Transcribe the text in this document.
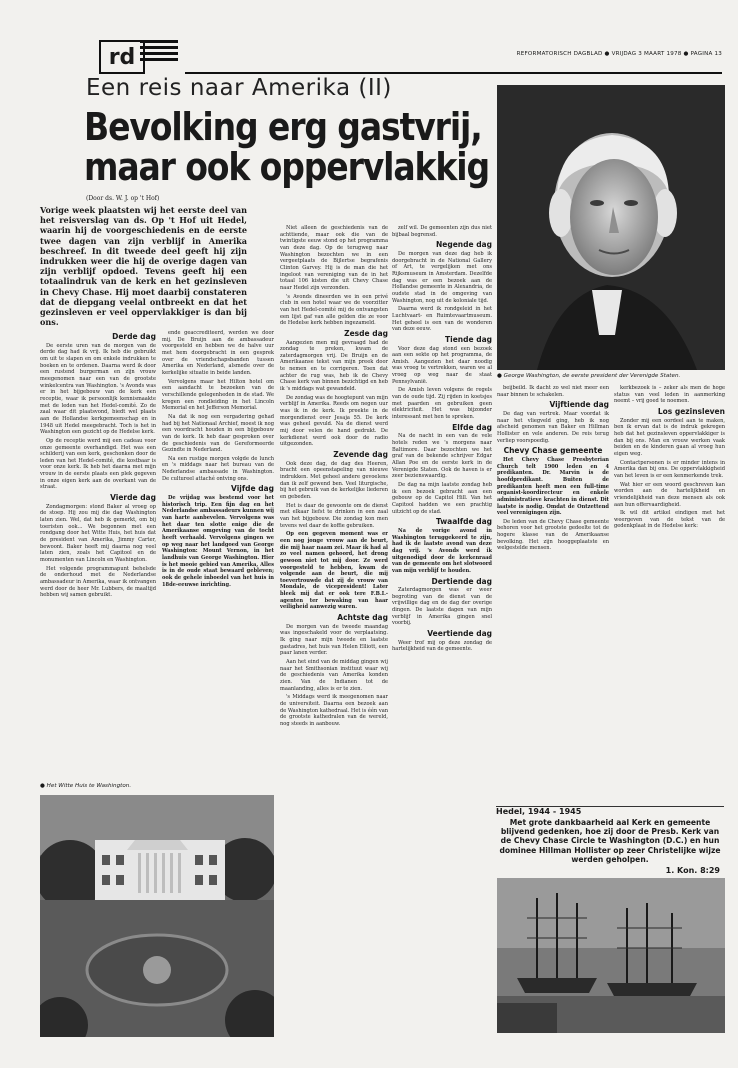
rd	REFORMATORISCH DAGBLAD ● VRIJDAG 3 MAART 1978 ● PAGINA 13
Een reis naar Amerika (II)
Bevolking erg gastvrij,
maar ook oppervlakkig
(Door ds. W. J. op 't Hof)
Vorige week plaatsten wij het eerste deel van het reisverslag van ds. Op 't Hof uit Hedel, waarin hij de voorgeschiedenis en de eerste twee dagen van zijn verblijf in Amerika beschreef. In dit tweede deel geeft hij zijn indrukken weer die hij de overige dagen van zijn verblijf opdoed. Tevens geeft hij een totaalindruk van de kerk en het gezinsleven in Chevy Chase. Hij moet daarbij constateren dat de diepgang veelal ontbreekt en dat het gezinsleven er veel oppervlakkiger is dan bij ons.
● George Washington, de eerste president der Verenigde Staten.
Derde dag

De eerste uren van de morgen van de derde dag had ik vrij. Ik heb die gebruikt om uit te slapen en om enkele indrukken te boeken en te ordenen. Daarna werd ik door een rustend burgerman en zijn vrouw meegenomen naar een van de grootste winkelcentra van Washington. 's Avonds was er in het bijgebouw van de kerk een receptie, waar ik persoonlijk kennismaakte met de leden van het Hedel-comité. Zo de zaal waar dit plaatsvond, biedt wel plaats aan de Hollandse kerkgemeenschap en in 1948 uit Hedel meegebracht. Toch is het in Washington een gezicht op de Hedelse kerk.

Op de receptie werd mij een cadeau voor onze gemeente overhandigd. Het was een schilderij van een kerk, geschonken door de leden van het Hedel-comité, die kostbaar is voor onze kerk. Ik heb het daarna met mijn vrouw in de eerste plaats een plek gegeven in onze eigen kerk aan de overkant van de straat.

Vierde dag

Zondagmorgen: stond Baker al vroeg op de stoep. Hij zou mij die dag Washington laten zien. Wel, dat heb ik gemerkt, om bij toeristen ook... We begonnen met een rondgang door het Witte Huis, het huis dat de president van Amerika, Jimmy Carter, bewoont. Baker heeft mij daarna nog veel laten zien, zoals het Capitool en de monumenten van Lincoln en Washington.

Het volgende programmapunt behelsde de onderhoud met de Nederlandse ambassadeur in Amerika, waar ik ontvangen werd door de heer Mr. Lubbers, de maaltijd hebben wij samen gebruikt.

● Het Witte Huis te Washington.

ende geaccrediteerd, werden we door mij. De Bruijn aan de ambassadeur voorgesteld en hebben we de halve uur met hem doorgebracht in een gesprek over de vriendschapsbanden tussen Amerika en Nederland, alsmede over de kerkelijke situatie in beide landen.

Vervolgens maar het Hilton hotel om een aandacht te bezoeken van de verschillende gelegenheden in de stad. We kregen een rondleiding in het Lincoln Memorial en het Jefferson Memorial.

Na dat ik nog een vergadering gehad had bij het Nationaal Archief, moest ik nog een voordracht houden in een bijgebouw van de kerk. Ik heb daar gesproken over de geschiedenis van de Gereformeerde Gezindte in Nederland.

Na een rustige morgen volgde de lunch en 's middags naar het bureau van de Nederlandse ambassade in Washington. De cultureel attaché ontving ons.

Vijfde dag

De vrijdag was bestemd voor het historisch trip. Een fijn dag en het Nederlandse ambassadeurs kunnen wij van harte aanbevelen. Vervolgens was het daar ten slotte enige die de Amerikaanse omgeving van de tocht heeft verhaald. Vervolgens gingen we op weg naar het landgoed van George Washington: Mount Vernon, in het landhuis van George Washington. Hier is het mooie gebied van Amerika, Alles is in de oude staat bewaard gebleven; ook de gehele inboedel van het huis in 18de-eeuwse inrichting.

Niet alleen de geschiedenis van de achttiende, maar ook die van de twintigste eeuw stond op het programma van deze dag. Op de terugweg naar Washington bezochten we in een vergeetplaats de Bijlertse begrafenis Clinton Garvey. Hij is de man die het ingeloot van vereniging van de in het totaal 106 kisten die uit Chevy Chase naar Hedel zijn verzonden.

's Avonds dineerden we in een privé club in een hotel waar we de voorzitter van het Hedel-comité mij de ontvangsten een lijst gaf van alle gelden die ze voor de Hedelse kerk hebben ingezameld.

Zesde dag

Aangezien men mij gevraagd had de zondag te preken, kwam de zaterdagmorgen vrij. De Bruijn en de Amerikaanse tekst van mijn preek door te nemen en te corrigeren. Toen dat achter de rug was, heb ik de Chevy Chase kerk van binnen bezichtigd en heb ik 's middags wat gewandeld.

De zondag was de hoogtepunt van mijn verblijf in Amerika. Reeds om negen uur was ik in de kerk. Ik preekte in de morgendienst over Jesaja 55. De kerk was geheel gevuld. Na de dienst werd mij door velen de hand gedrukt. De kerkdienst werd ook door de radio uitgezonden.

Zevende dag

Ook deze dag, de dag des Heeren, bracht een opeenstapeling van nieuwe indrukken. Met geheel andere gevoelens dan ik zelf gewend ben. Veel liturgische, bij het gebruik van de kerkelijke liederen en gebeden.

Het is daar de gewoonte om de dienst met elkaar liefst te drinken in een zaal van het bijgebouw. Die zondag kon men tevens wel daar de koffie gebruiken.

Op een gegeven moment was er een nog jonge vrouw aan de beurt, die mij haar naam zei. Maar ik had al zo veel namen gehoord, het drong gewoon niet tot mij door. Ze werd voorgesteld te hebben, kwam de volgende aan de beurt, die mij toevertrouwde dat zij de vrouw van Mondale, de vicepresident! Later bleek mij dat er ook tere F.B.I.-agenten ter bewaking van haar veiligheid aanwezig waren.

Achtste dag

De morgen van de tweede maandag was ingeschakeld voor de verplaatsing. Ik ging naar mijn tweede en laatste gastadres, het huis van Helen Elliott, een paar lanen verder.

Aan het eind van de middag gingen wij naar het Smithsonian instituut waar wij de geschiedenis van Amerika konden zien. Van de Indianen tot de maanlanding, alles is er te zien.

's Middags werd ik meegenomen naar de universiteit. Daarna een bezoek aan de Washington kathedraal. Het is één van de grootste kathedralen van de wereld, nog steeds in aanbouw.

zelf wil. De gemeenten zijn dus niet bijbaal begrensd.

Negende dag

De morgen van deze dag heb ik doorgebracht in de National Gallery of Art, te vergelijken met ons Rijksmuseum in Amsterdam. Dezelfde dag was er een bezoek aan de Hollandse gemeente in Alexandria, de oudste stad in de omgeving van Washington, nog uit de koloniale tijd.

Daarna werd ik rondgeleid in het Luchtvaart- en Ruimtevaartmuseum. Het geheel is een van de wonderen van deze eeuw.

Tiende dag

Voor deze dag stond een bezoek aan een sekte op het programma, de Amish. Aangezien het daar noodig was vroeg te vertrekken, waren we al vroeg op weg naar de staat Pennsylvanië.

De Amish leven volgens de regels van de oude tijd. Zij rijden in koetsjes met paarden en gebruiken geen elektriciteit. Het was bijzonder interessant met hen te spreken.

Elfde dag

Na de nacht in een van de vele hotels reden we 's morgens naar Baltimore. Daar bezochten we het graf van de bekende schrijver Edgar Allan Poe en de eerste kerk in de Verenigde Staten. Ook de haven is er zeer bezienswaardig.

De dag na mijn laatste zondag heb ik een bezoek gebracht aan een gebouw op de Capitol Hill. Van het Capitool hadden we een prachtig uitzicht op de stad.

Twaalfde dag

Na de vorige avond in Washington teruggekeerd te zijn, had ik de laatste avond van deze dag vrij. 's Avonds werd ik uitgenodigd door de kerkenraad van de gemeente om het slotwoord van mijn verblijf te houden.

Dertiende dag

Zaterdagmorgen was er weer begroting van de dienst van de vrijwillige dag en de dag der overige dingen. De laatste dagen van mijn verblijf in Amerika gingen snel voorbij.

Veertiende dag

Weer trof mij op deze zondag de hartelijkheid van de gemeente.

beijbeild. Ik dacht zo wel niet meer een naar binnen te schakelen.

Vijftiende dag

De dag van vertrek. Maar voordat ik naar het vliegveld ging, heb ik nog afscheid genomen van Baker en Hillman Hollister en vele anderen. De reis terug verliep voorspoedig.

Chevy Chase gemeente

Het Chevy Chase Presbyterian Church telt 1900 leden en 4 predikanten. Dr. Marvin is de hoofdpredikant. Buiten de predikanten heeft men een full-time organist-koordirecteur en enkele administratieve krachten in dienst. Dit laatste is nodig. Omdat de Ontzettend veel verenigingen zijn.

De leden van de Chevy Chase gemeente behoren voor het grootste gedeelte tot de hogere klasse van de Amerikaanse bevolking. Het zijn hooggeplaatste en welgestelde mensen.

kerkbezoek is – zeker als men de hoge status van veel leden in aanmerking neemt – vrij goed te noemen.

Los gezinsleven

Zonder mij een oordeel aan te maken, ben ik ervan dat is de indruk gekregen heb dat het gezinsleven oppervlakkiger is dan bij ons. Man en vrouw werken vaak beiden en de kinderen gaan al vroeg hun eigen weg.

Contactpersonen is er minder intens in Amerika dan bij ons. De oppervlakkigheid van het leven is er een kenmerkende trek.

Wat hier er een woord geschreven kan worden aan de hartelijkheid en vriendelijkheid van deze mensen als ook aan hun offervaardigheid.

Ik wil dit artikel eindigen met het weergeven van de tekst van de gedenkplaat in de Hedelse kerk:

Hedel, 1944 - 1945

Met grote dankbaarheid aal Kerk en gemeente blijvend gedenken, hoe zij door de Presb. Kerk van de Chevy Chase Circle te Washington (D.C.) en hun dominee Hillman Hollister op zeer Christelijke wijze werden geholpen.

1. Kon. 8:29
